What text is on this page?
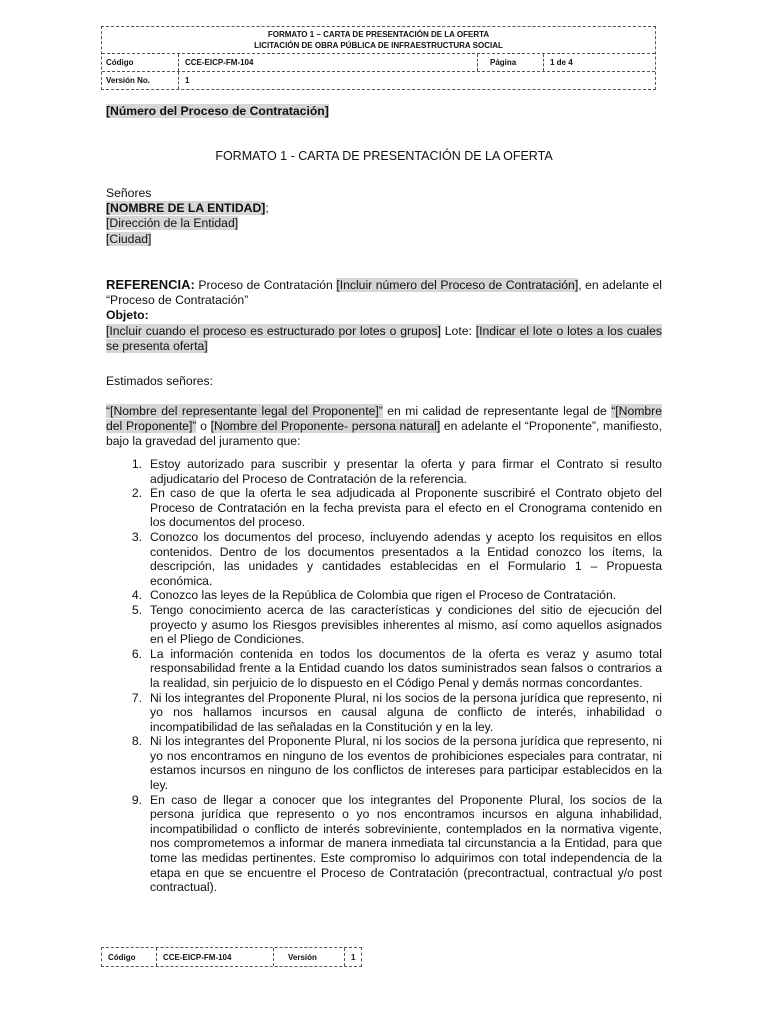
FORMATO 1 – CARTA DE PRESENTACIÓN DE LA OFERTA
LICITACIÓN DE OBRA PÚBLICA DE INFRAESTRUCTURA SOCIAL
Código	CCE-EICP-FM-104	Página	1 de 4
Versión No.	1
[Número del Proceso de Contratación]
FORMATO 1 - CARTA DE PRESENTACIÓN DE LA OFERTA
Señores
[NOMBRE DE LA ENTIDAD];
[Dirección de la Entidad]
[Ciudad]
REFERENCIA: Proceso de Contratación [Incluir número del Proceso de Contratación], en adelante el “Proceso de Contratación”
Objeto:
[Incluir cuando el proceso es estructurado por lotes o grupos] Lote: [Indicar el lote o lotes a los cuales se presenta oferta]
Estimados señores:
“[Nombre del representante legal del Proponente]” en mi calidad de representante legal de “[Nombre del Proponente]” o [Nombre del Proponente- persona natural] en adelante el “Proponente”, manifiesto, bajo la gravedad del juramento que:
1. Estoy autorizado para suscribir y presentar la oferta y para firmar el Contrato si resulto adjudicatario del Proceso de Contratación de la referencia.
2. En caso de que la oferta le sea adjudicada al Proponente suscribiré el Contrato objeto del Proceso de Contratación en la fecha prevista para el efecto en el Cronograma contenido en los documentos del proceso.
3. Conozco los documentos del proceso, incluyendo adendas y acepto los requisitos en ellos contenidos. Dentro de los documentos presentados a la Entidad conozco los ítems, la descripción, las unidades y cantidades establecidas en el Formulario 1 – Propuesta económica.
4. Conozco las leyes de la República de Colombia que rigen el Proceso de Contratación.
5. Tengo conocimiento acerca de las características y condiciones del sitio de ejecución del proyecto y asumo los Riesgos previsibles inherentes al mismo, así como aquellos asignados en el Pliego de Condiciones.
6. La información contenida en todos los documentos de la oferta es veraz y asumo total responsabilidad frente a la Entidad cuando los datos suministrados sean falsos o contrarios a la realidad, sin perjuicio de lo dispuesto en el Código Penal y demás normas concordantes.
7. Ni los integrantes del Proponente Plural, ni los socios de la persona jurídica que represento, ni yo nos hallamos incursos en causal alguna de conflicto de interés, inhabilidad o incompatibilidad de las señaladas en la Constitución y en la ley.
8. Ni los integrantes del Proponente Plural, ni los socios de la persona jurídica que represento, ni yo nos encontramos en ninguno de los eventos de prohibiciones especiales para contratar, ni estamos incursos en ninguno de los conflictos de intereses para participar establecidos en la ley.
9. En caso de llegar a conocer que los integrantes del Proponente Plural, los socios de la persona jurídica que represento o yo nos encontramos incursos en alguna inhabilidad, incompatibilidad o conflicto de interés sobreviniente, contemplados en la normativa vigente, nos comprometemos a informar de manera inmediata tal circunstancia a la Entidad, para que tome las medidas pertinentes. Este compromiso lo adquirimos con total independencia de la etapa en que se encuentre el Proceso de Contratación (precontractual, contractual y/o post contractual).
Código	CCE-EICP-FM-104	Versión	1
